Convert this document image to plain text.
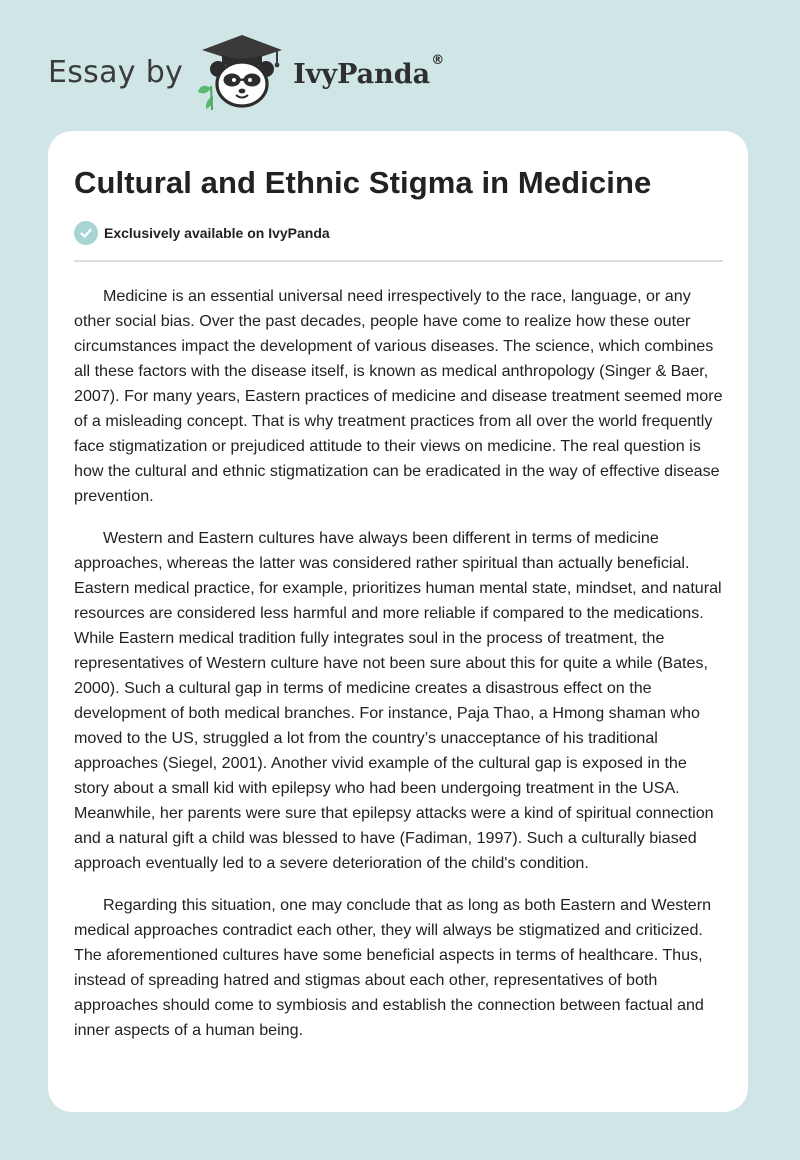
Essay by	IvyPanda ®
Cultural and Ethnic Stigma in Medicine
Exclusively available on IvyPanda

Medicine is an essential universal need irrespectively to the race, language, or any other social bias. Over the past decades, people have come to realize how these outer circumstances impact the development of various diseases. The science, which combines all these factors with the disease itself, is known as medical anthropology (Singer & Baer, 2007). For many years, Eastern practices of medicine and disease treatment seemed more of a misleading concept. That is why treatment practices from all over the world frequently face stigmatization or prejudiced attitude to their views on medicine. The real question is how the cultural and ethnic stigmatization can be eradicated in the way of effective disease prevention.

Western and Eastern cultures have always been different in terms of medicine approaches, whereas the latter was considered rather spiritual than actually beneficial. Eastern medical practice, for example, prioritizes human mental state, mindset, and natural resources are considered less harmful and more reliable if compared to the medications. While Eastern medical tradition fully integrates soul in the process of treatment, the representatives of Western culture have not been sure about this for quite a while (Bates, 2000). Such a cultural gap in terms of medicine creates a disastrous effect on the development of both medical branches. For instance, Paja Thao, a Hmong shaman who moved to the US, struggled a lot from the country’s unacceptance of his traditional approaches (Siegel, 2001). Another vivid example of the cultural gap is exposed in the story about a small kid with epilepsy who had been undergoing treatment in the USA. Meanwhile, her parents were sure that epilepsy attacks were a kind of spiritual connection and a natural gift a child was blessed to have (Fadiman, 1997). Such a culturally biased approach eventually led to a severe deterioration of the child's condition.

Regarding this situation, one may conclude that as long as both Eastern and Western medical approaches contradict each other, they will always be stigmatized and criticized. The aforementioned cultures have some beneficial aspects in terms of healthcare. Thus, instead of spreading hatred and stigmas about each other, representatives of both approaches should come to symbiosis and establish the connection between factual and inner aspects of a human being.
